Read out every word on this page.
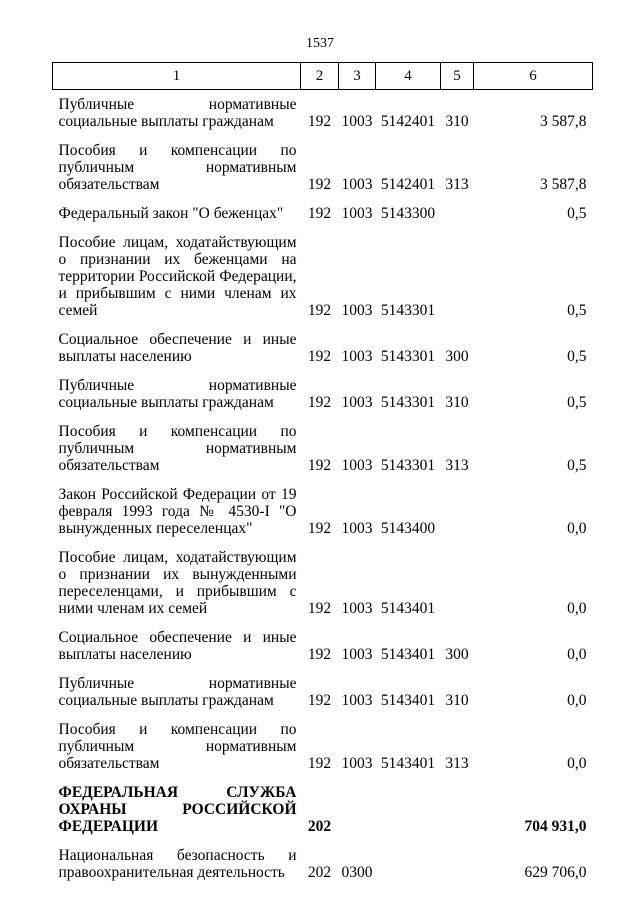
1537
1	2	3	4	5	6

Публичные нормативные социальные выплаты гражданам	192	1003	5142401	310	3 587,8

Пособия и компенсации по публичным нормативным обязательствам	192	1003	5142401	313	3 587,8

Федеральный закон "О беженцах"	192	1003	5143300		0,5

Пособие лицам, ходатайствующим о признании их беженцами на территории Российской Федерации, и прибывшим с ними членам их семей	192	1003	5143301		0,5

Социальное обеспечение и иные выплаты населению	192	1003	5143301	300	0,5

Публичные нормативные социальные выплаты гражданам	192	1003	5143301	310	0,5

Пособия и компенсации по публичным нормативным обязательствам	192	1003	5143301	313	0,5

Закон Российской Федерации от 19 февраля 1993 года № 4530-I "О вынужденных переселенцах"	192	1003	5143400		0,0

Пособие лицам, ходатайствующим о признании их вынужденными переселенцами, и прибывшим с ними членам их семей	192	1003	5143401		0,0

Социальное обеспечение и иные выплаты населению	192	1003	5143401	300	0,0

Публичные нормативные социальные выплаты гражданам	192	1003	5143401	310	0,0

Пособия и компенсации по публичным нормативным обязательствам	192	1003	5143401	313	0,0

ФЕДЕРАЛЬНАЯ СЛУЖБА ОХРАНЫ РОССИЙСКОЙ ФЕДЕРАЦИИ	202				704 931,0

Национальная безопасность и правоохранительная деятельность	202	0300			629 706,0
